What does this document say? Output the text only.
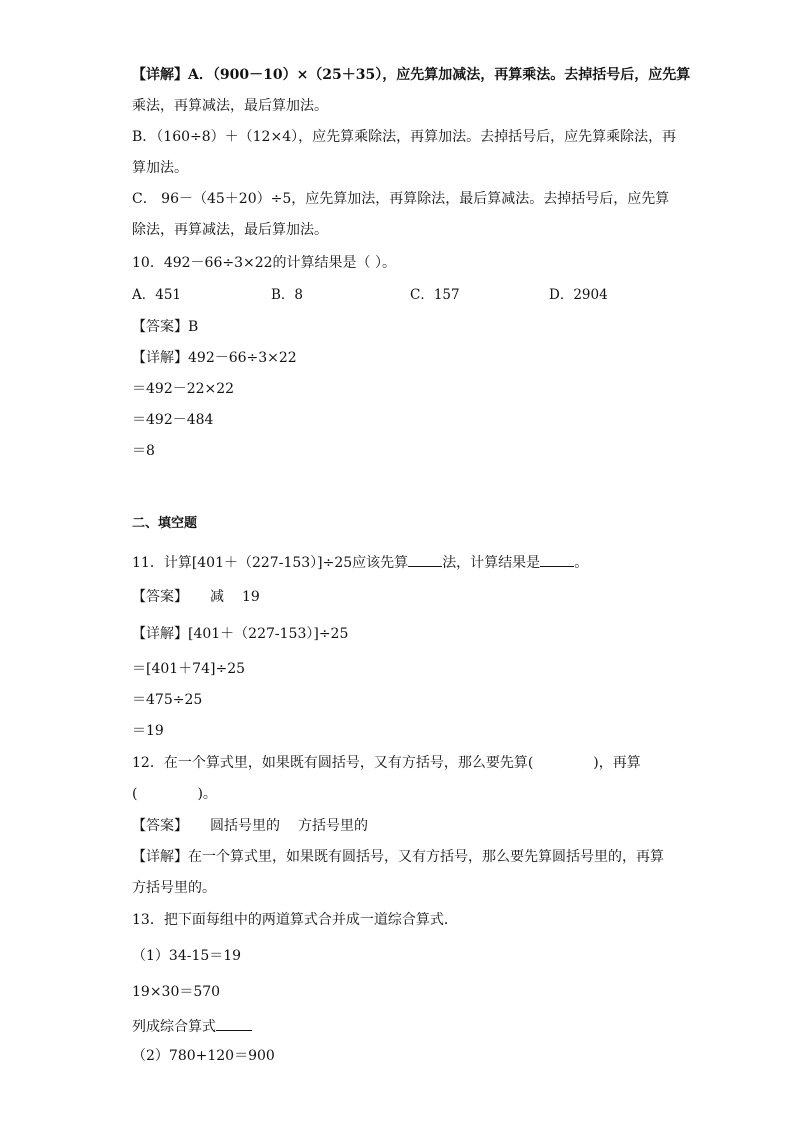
【详解】A．（900－10）×（25＋35），应先算加减法，再算乘法。去掉括号后，应先算
乘法，再算减法，最后算加法。
B．（160÷8）＋（12×4），应先算乘除法，再算加法。去掉括号后，应先算乘除法，再
算加法。
C． 96－（45＋20）÷5，应先算加法，再算除法，最后算减法。去掉括号后，应先算
除法，再算减法，最后算加法。
10．492－66÷3×22的计算结果是（ ）。
A．451	B．8	C．157	D．2904
【答案】B
【详解】492－66÷3×22
＝492－22×22
＝492－484
＝8
二、填空题
11．计算[401＋（227-153）]÷25应该先算 法，计算结果是 。
【答案】 减 19
【详解】[401＋（227-153）]÷25
＝[401＋74]÷25
＝475÷25
＝19
12．在一个算式里，如果既有圆括号，又有方括号，那么要先算(	)，再算
(	)。
【答案】 圆括号里的 方括号里的
【详解】在一个算式里，如果既有圆括号，又有方括号，那么要先算圆括号里的，再算
方括号里的。
13．把下面每组中的两道算式合并成一道综合算式．
（1）34-15＝19
19×30＝570
列成综合算式
（2）780+120＝900
